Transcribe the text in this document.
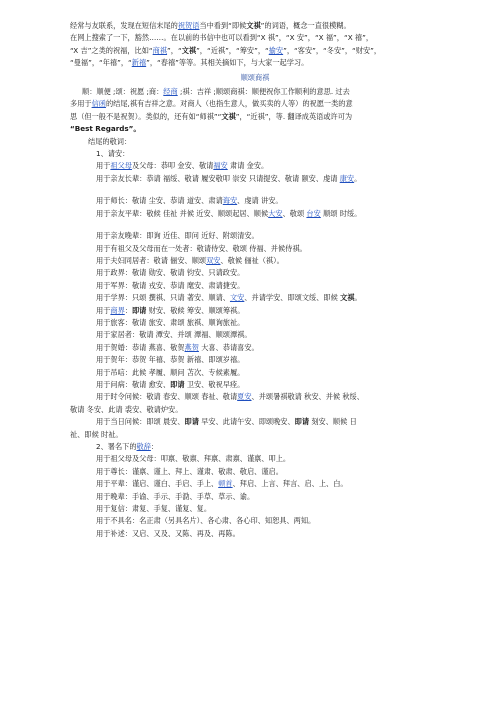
经常与友联系，发现在短信末尾的祝贺语当中看到“即候文祺”的词语，概念一直很模糊。

在网上搜索了一下，豁然……。在以前的书信中也可以看到“X 祺”，“X 安”，“X 福”，“X 禧”，

“X 吉”之类的祝福，比如“商祺”，“文祺”，“近祺”，“筹安”，“揄安”，“客安”，“冬安”，“财安”，

“曼福”，“年禧”，“新禧”，“春禧”等等。其相关摘如下，与大家一起学习。

顺颂商祺

顺：顺便 ;颂：祝愿 ;商：经商 ;祺：吉祥 ;顺颂商祺：顺便祝你工作顺利的意思. 过去

多用于信函的结尾,祺有吉祥之意。对商人（也指生意人，做买卖的人等）的祝愿一类的意

思（但一般不是祝贺）。类似的，还有如“师祺”“文祺”，“近祺”，等. 翻译成英语或许可为

“Best Regards”。

结尾的敬词：

1、请安：

用于祖父母及父母：恭叩 金安、敬请福安 肃请 金安。

用于亲友长辈：恭请 福绥、敬请 履安敬叩 崇安 只请提安、敬请 颐安、虔请 康安。

用于师长：敬请 尘安、恭请 道安、肃请诲安、虔请 讲安。

用于亲友平辈：敬候 佳祉 并候 近安、顺颂起居、顺候大安、敬颂 台安 顺颂 时绥。

用于亲友晚辈：即询 近佳、即问 近好、附颂清安。

用于有祖父及父母而在一处者：敬请侍安、敬颂 侍福、并候侍祺。

用于夫妇同居者：敬请 俪安、顺颂双安、敬候 俪祉（祺）。

用于政界：敬请 勋安、敬请 钧安、只请政安。

用于军界：敬请 戎安、恭请 麾安、肃请捷安。

用于学界：只颂 撰祺、只请 著安、顺请、文安、并请学安、即颂文绥、即候 文祺。

用于商界：即请 财安、敬候 筹安、顺颂筹祺。

用于旅客：敬请 旅安、肃颂 旅祺、顺询旅祉。

用于家居者：敬请 潭安、并颂 潭福、顺颂潭祺。

用于贺婚：恭请 燕喜、敬贺燕贺 大喜、恭请喜安。

用于贺年：恭贺 年禧、恭贺 新禧、即颂岁禧。

用于吊唁：此候 孝履、顺问 苫次、专候素履。

用于问病：敬请 愈安、即请 卫安、敬祝早痊。

用于时令问候：敬请 春安、顺颂 春祉、敬请夏安、并颂暑祺敬请 秋安、并候 秋绥、

敬请 冬安、此请 裘安、敬请炉安。

用于当日问候：即颂 晨安、即请 早安、此请午安、即颂晚安、即请 刻安、顺候 日

祉、即候 时祉。

2、署名下的敬辞：

用于祖父母及父母：叩禀、敬禀、拜禀、肃禀、谨禀、叩上。

用于尊长：谨禀、谨上、拜上、谨肃、敬肃、敬启、谨启。

用于平辈：谨启、谨白、手启、手上、顿首、拜启、上言、拜言、启、上、白。

用于晚辈：手谕、手示、手泐、手草、草示、谕。

用于复信：肃复、手复、谨复、复。

用于不具名：名正肃（另具名片）、各心肃、各心印、知恕具、两知。

用于补述：又启、又及、又陈、再及、再陈。
